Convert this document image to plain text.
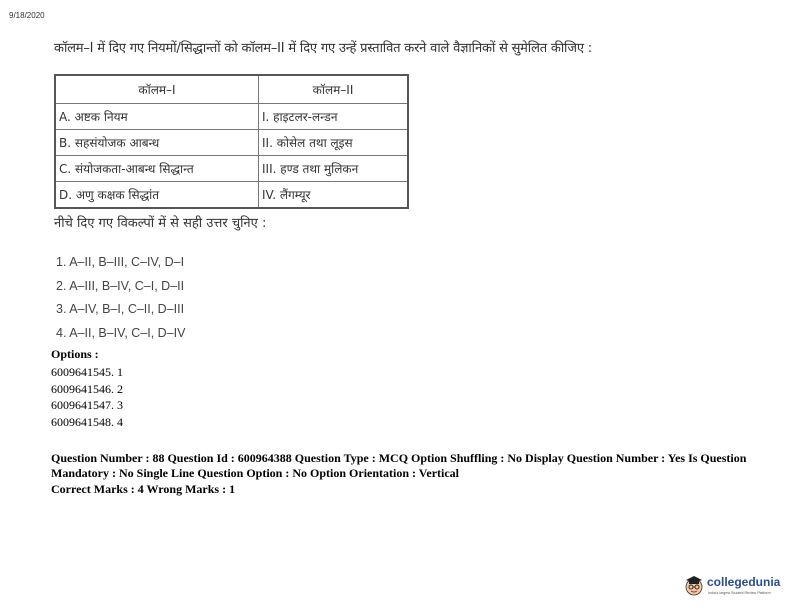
9/18/2020
कॉलम–I में दिए गए नियमों/सिद्धान्तों को कॉलम–II में दिए गए उन्हें प्रस्तावित करने वाले वैज्ञानिकों से सुमेलित कीजिए :
कॉलम–I	कॉलम–II
A. अष्टक नियम	I. हाइटलर-लन्डन
B. सहसंयोजक आबन्ध	II. कोसेल तथा लूइस
C. संयोजकता-आबन्ध सिद्धान्त	III. हण्ड तथा मुलिकन
D. अणु कक्षक सिद्धांत	IV. लैंगम्यूर
नीचे दिए गए विकल्पों में से सही उत्तर चुनिए :
1. A–II, B–III, C–IV, D–I
2. A–III, B–IV, C–I, D–II
3. A–IV, B–I, C–II, D–III
4. A–II, B–IV, C–I, D–IV
Options :
6009641545. 1
6009641546. 2
6009641547. 3
6009641548. 4
Question Number : 88 Question Id : 600964388 Question Type : MCQ Option Shuffling : No Display Question Number : Yes Is Question Mandatory : No Single Line Question Option : No Option Orientation : Vertical
Correct Marks : 4 Wrong Marks : 1
collegedunia
India's largest Student Review Platform
